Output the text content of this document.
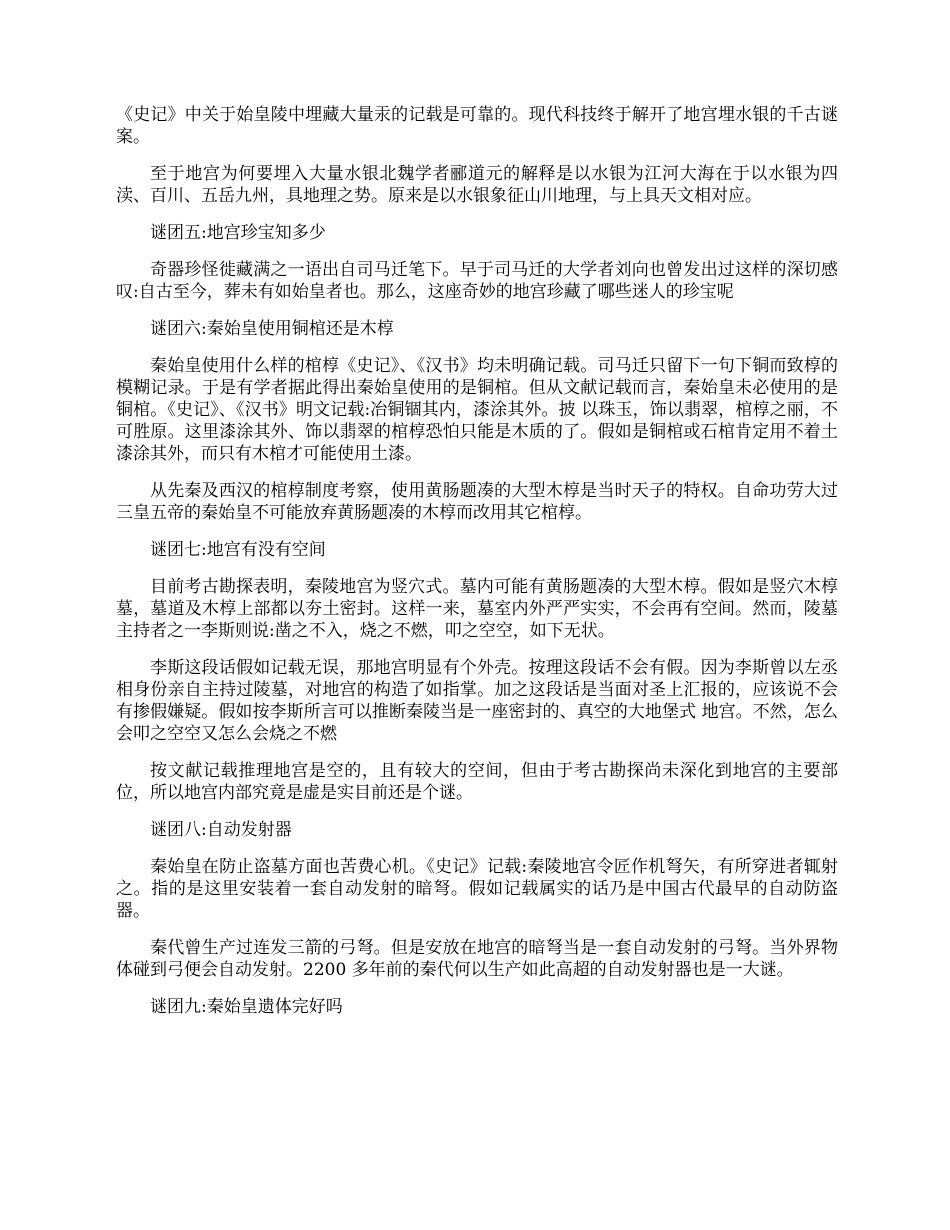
《史记》中关于始皇陵中埋藏大量汞的记载是可靠的。现代科技终于解开了地宫埋水银的千古谜案。

至于地宫为何要埋入大量水银北魏学者郦道元的解释是以水银为江河大海在于以水银为四渎、百川、五岳九州，具地理之势。原来是以水银象征山川地理，与上具天文相对应。

谜团五:地宫珍宝知多少

奇器珍怪徙藏满之一语出自司马迁笔下。早于司马迁的大学者刘向也曾发出过这样的深切感叹:自古至今，葬未有如始皇者也。那么，这座奇妙的地宫珍藏了哪些迷人的珍宝呢

谜团六:秦始皇使用铜棺还是木椁

秦始皇使用什么样的棺椁《史记》、《汉书》均未明确记载。司马迁只留下一句下铜而致椁的模糊记录。于是有学者据此得出秦始皇使用的是铜棺。但从文献记载而言，秦始皇未必使用的是铜棺。《史记》、《汉书》明文记载:冶铜锢其内，漆涂其外。披 以珠玉，饰以翡翠，棺椁之丽，不可胜原。这里漆涂其外、饰以翡翠的棺椁恐怕只能是木质的了。假如是铜棺或石棺肯定用不着土漆涂其外，而只有木棺才可能使用土漆。

从先秦及西汉的棺椁制度考察，使用黄肠题凑的大型木椁是当时天子的特权。自命功劳大过三皇五帝的秦始皇不可能放弃黄肠题凑的木椁而改用其它棺椁。

谜团七:地宫有没有空间

目前考古勘探表明，秦陵地宫为竖穴式。墓内可能有黄肠题凑的大型木椁。假如是竖穴木椁墓，墓道及木椁上部都以夯土密封。这样一来，墓室内外严严实实，不会再有空间。然而，陵墓主持者之一李斯则说:凿之不入，烧之不燃，叩之空空，如下无状。

李斯这段话假如记载无误，那地宫明显有个外壳。按理这段话不会有假。因为李斯曾以左丞相身份亲自主持过陵墓，对地宫的构造了如指掌。加之这段话是当面对圣上汇报的，应该说不会有掺假嫌疑。假如按李斯所言可以推断秦陵当是一座密封的、真空的大地堡式 地宫。不然，怎么会叩之空空又怎么会烧之不燃

按文献记载推理地宫是空的，且有较大的空间，但由于考古勘探尚未深化到地宫的主要部位，所以地宫内部究竟是虚是实目前还是个谜。

谜团八:自动发射器

秦始皇在防止盗墓方面也苦费心机。《史记》记载:秦陵地宫令匠作机弩矢，有所穿进者辄射之。指的是这里安装着一套自动发射的暗弩。假如记载属实的话乃是中国古代最早的自动防盗器。

秦代曾生产过连发三箭的弓弩。但是安放在地宫的暗弩当是一套自动发射的弓弩。当外界物体碰到弓便会自动发射。2200 多年前的秦代何以生产如此高超的自动发射器也是一大谜。

谜团九:秦始皇遗体完好吗
